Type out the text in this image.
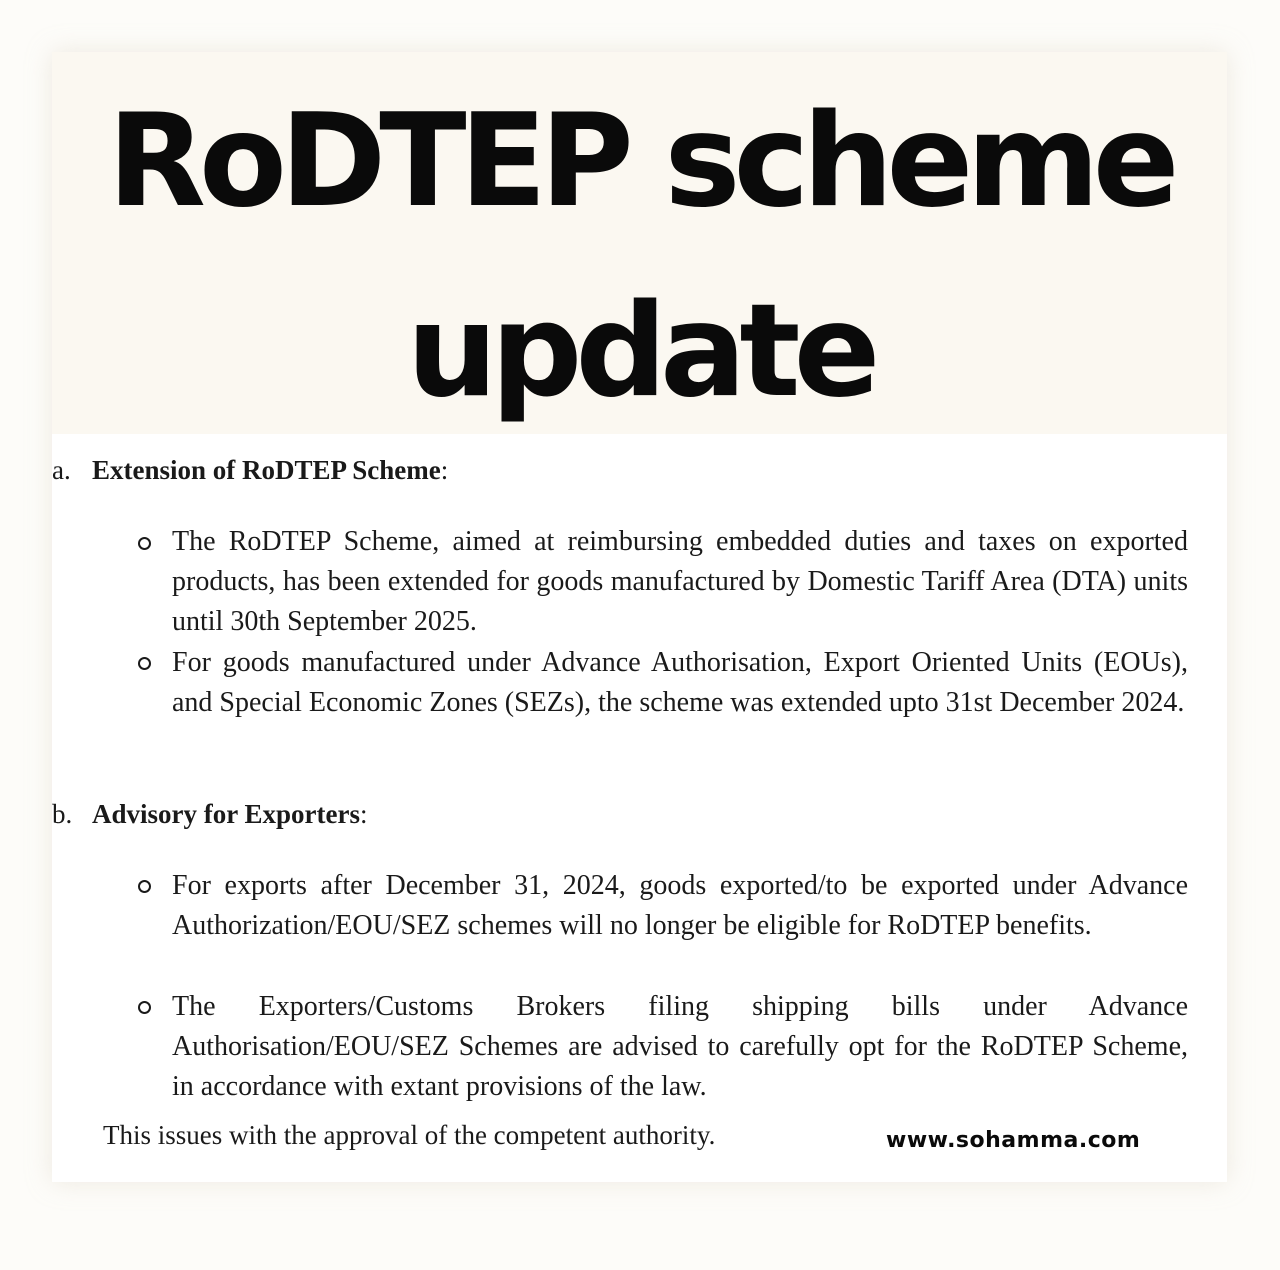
RoDTEP scheme
update
a. Extension of RoDTEP Scheme:
The RoDTEP Scheme, aimed at reimbursing embedded duties and taxes on exported products, has been extended for goods manufactured by Domestic Tariff Area (DTA) units until 30th September 2025.
For goods manufactured under Advance Authorisation, Export Oriented Units (EOUs), and Special Economic Zones (SEZs), the scheme was extended upto 31st December 2024.
b. Advisory for Exporters:
For exports after December 31, 2024, goods exported/to be exported under Advance Authorization/EOU/SEZ schemes will no longer be eligible for RoDTEP benefits.
The Exporters/Customs Brokers filing shipping bills under Advance Authorisation/EOU/SEZ Schemes are advised to carefully opt for the RoDTEP Scheme, in accordance with extant provisions of the law.
This issues with the approval of the competent authority.	www.sohamma.com
